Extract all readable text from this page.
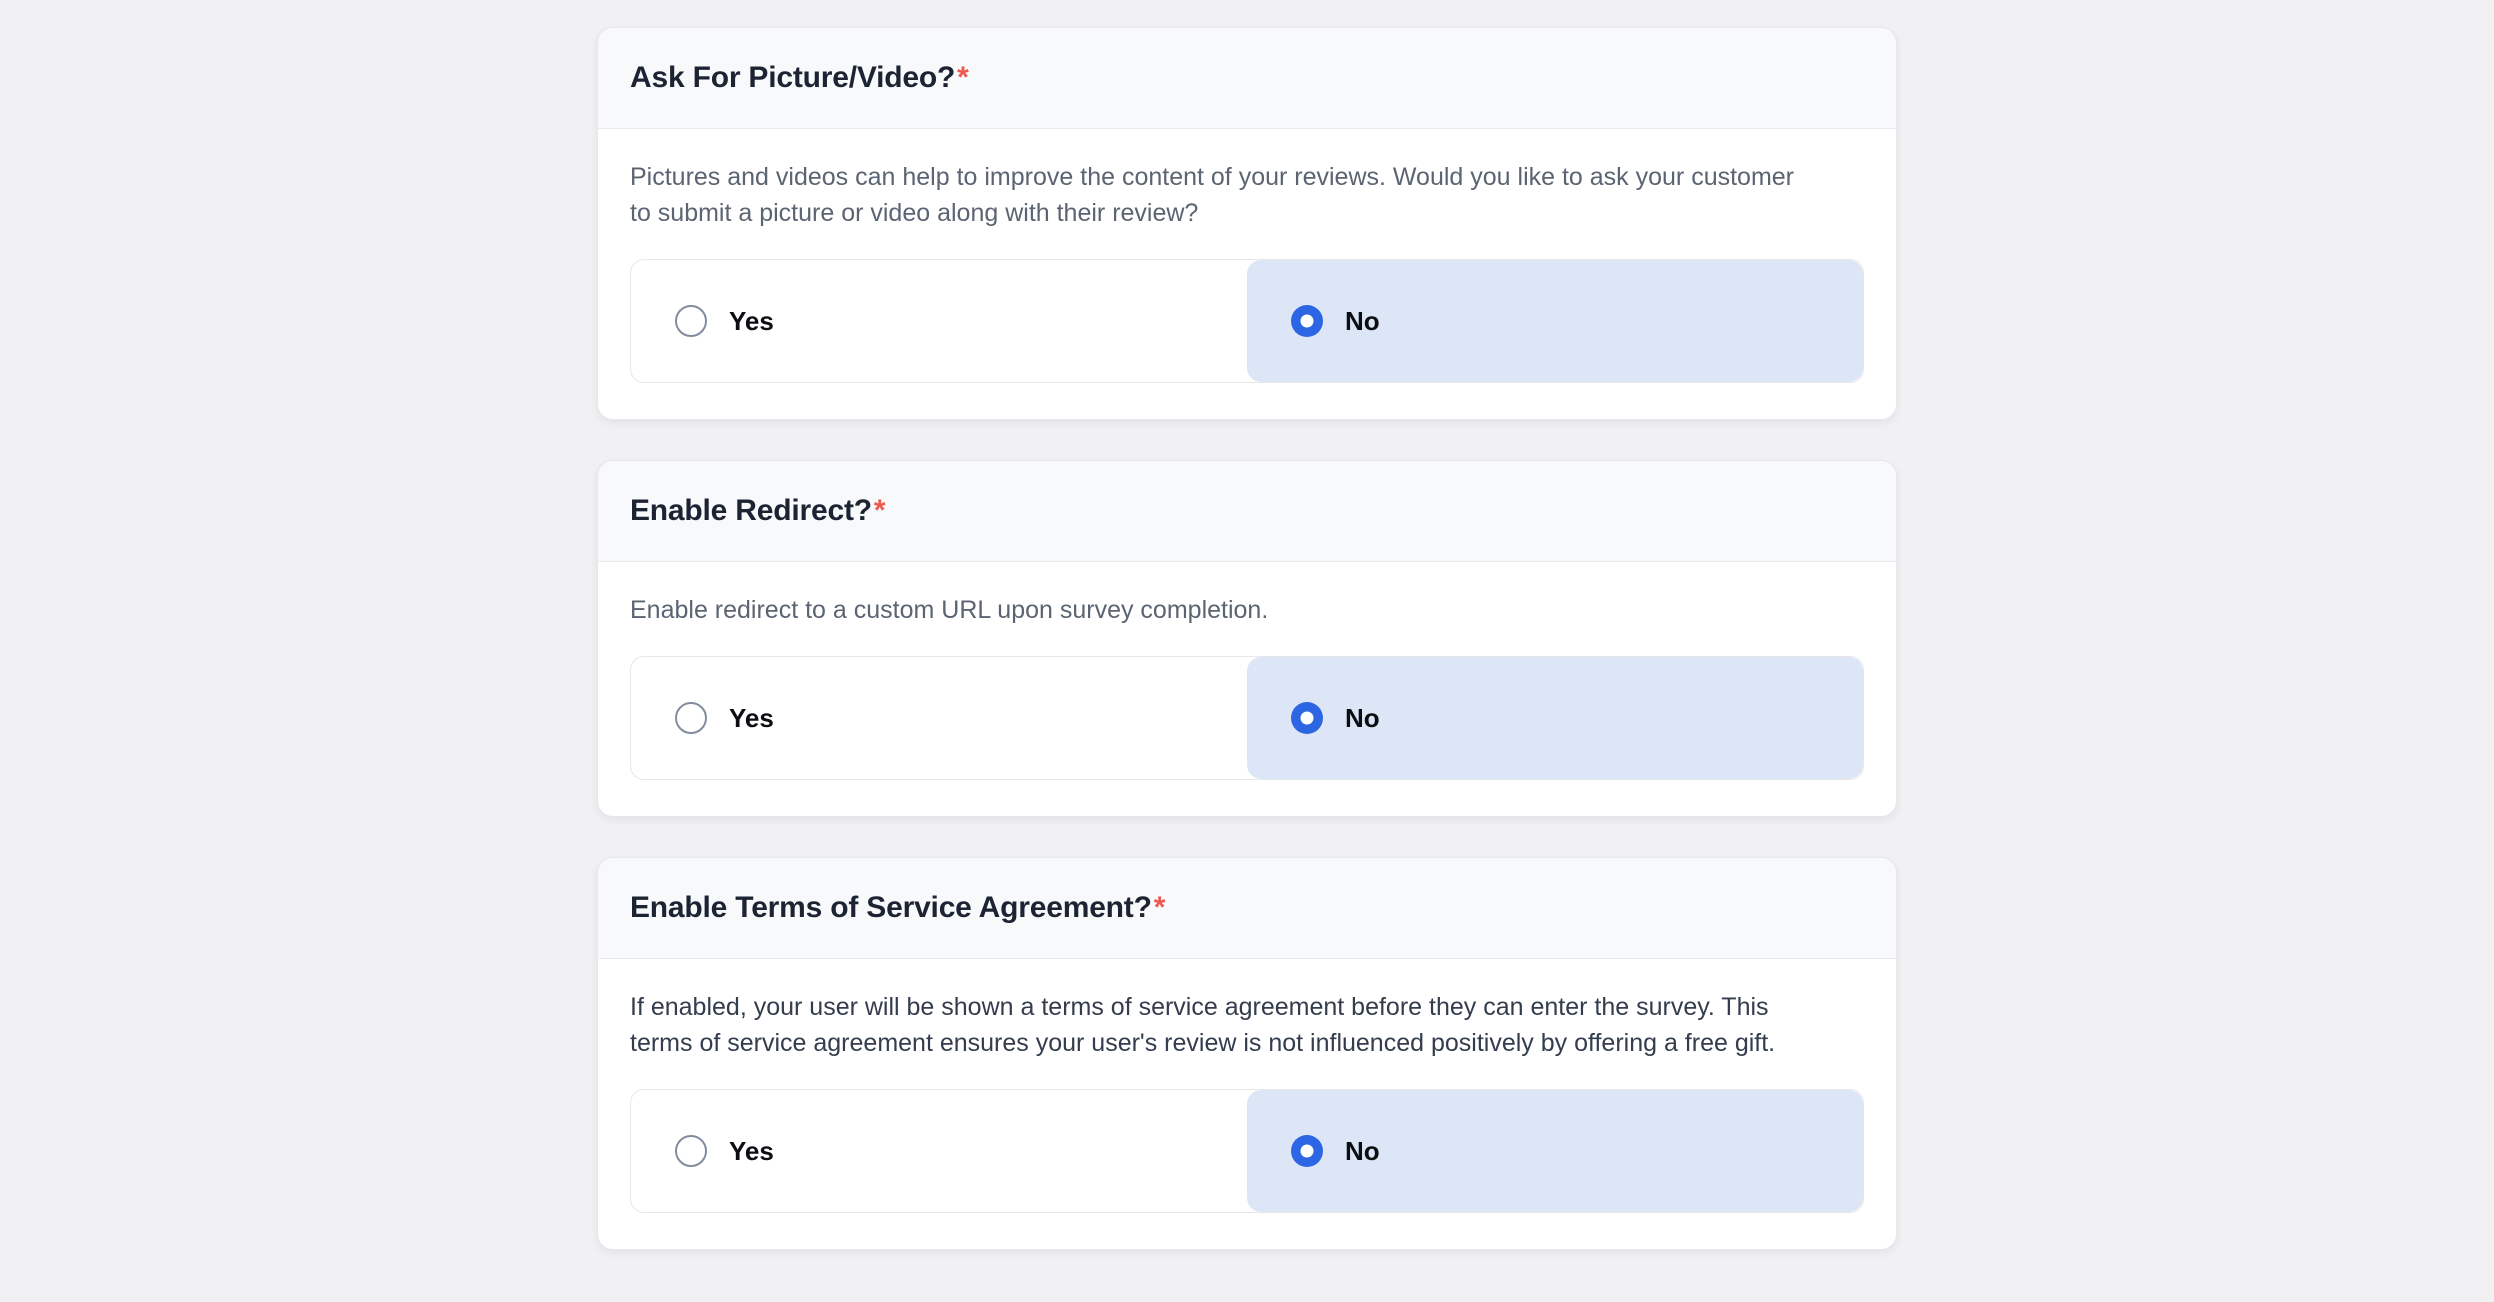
Ask For Picture/Video?*

Pictures and videos can help to improve the content of your reviews. Would you like to ask your customer to submit a picture or video along with their review?

Yes	No
Enable Redirect?*

Enable redirect to a custom URL upon survey completion.

Yes	No
Enable Terms of Service Agreement?*

If enabled, your user will be shown a terms of service agreement before they can enter the survey. This terms of service agreement ensures your user's review is not influenced positively by offering a free gift.

Yes	No
